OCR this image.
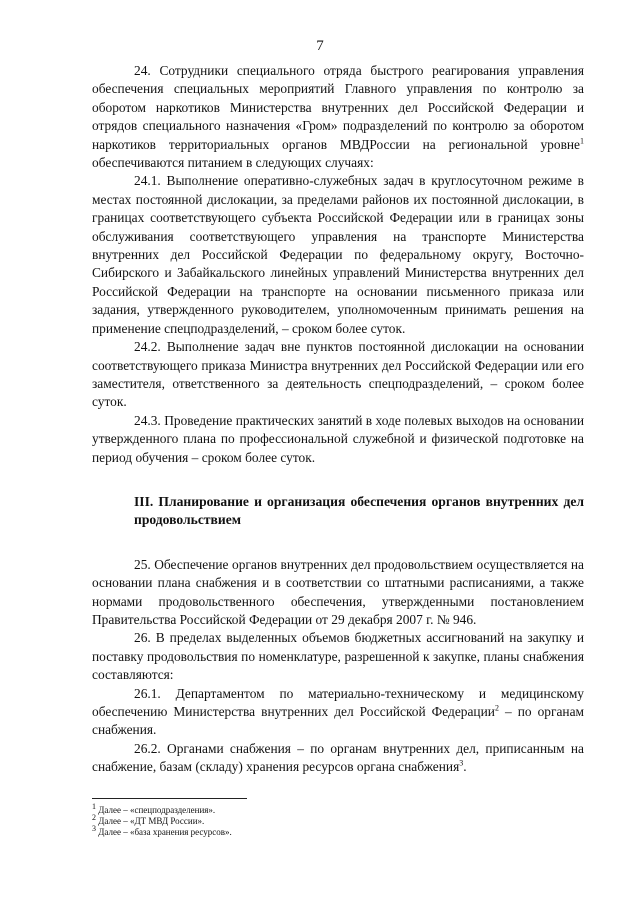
7

24. Сотрудники специального отряда быстрого реагирования управления обеспечения специальных мероприятий Главного управления по контролю за оборотом наркотиков Министерства внутренних дел Российской Федерации и отрядов специального назначения «Гром» подразделений по контролю за оборотом наркотиков территориальных органов МВДРоссии на региональной уровне$^1$ обеспечиваются питанием в следующих случаях:

24.1. Выполнение оперативно-служебных задач в круглосуточном режиме в местах постоянной дислокации, за пределами районов их постоянной дислокации, в границах соответствующего субъекта Российской Федерации или в границах зоны обслуживания соответствующего управления на транспорте Министерства внутренних дел Российской Федерации по федеральному округу, Восточно-Сибирского и Забайкальского линейных управлений Министерства внутренних дел Российской Федерации на транспорте на основании письменного приказа или задания, утвержденного руководителем, уполномоченным принимать решения на применение спецподразделений, – сроком более суток.

24.2. Выполнение задач вне пунктов постоянной дислокации на основании соответствующего приказа Министра внутренних дел Российской Федерации или его заместителя, ответственного за деятельность спецподразделений, – сроком более суток.

24.3. Проведение практических занятий в ходе полевых выходов на основании утвержденного плана по профессиональной служебной и физической подготовке на период обучения – сроком более суток.

III. Планирование и организация обеспечения органов внутренних дел продовольствием

25. Обеспечение органов внутренних дел продовольствием осуществляется на основании плана снабжения и в соответствии со штатными расписаниями, а также нормами продовольственного обеспечения, утвержденными постановлением Правительства Российской Федерации от 29 декабря 2007 г. № 946.

26. В пределах выделенных объемов бюджетных ассигнований на закупку и поставку продовольствия по номенклатуре, разрешенной к закупке, планы снабжения составляются:

26.1. Департаментом по материально-техническому и медицинскому обеспечению Министерства внутренних дел Российской Федерации$^2$ – по органам снабжения.

26.2. Органами снабжения – по органам внутренних дел, приписанным на снабжение, базам (складу) хранения ресурсов органа снабжения$^3$.

$^1$ Далее – «спецподразделения».
$^2$ Далее – «ДТ МВД России».
$^3$ Далее – «база хранения ресурсов».
